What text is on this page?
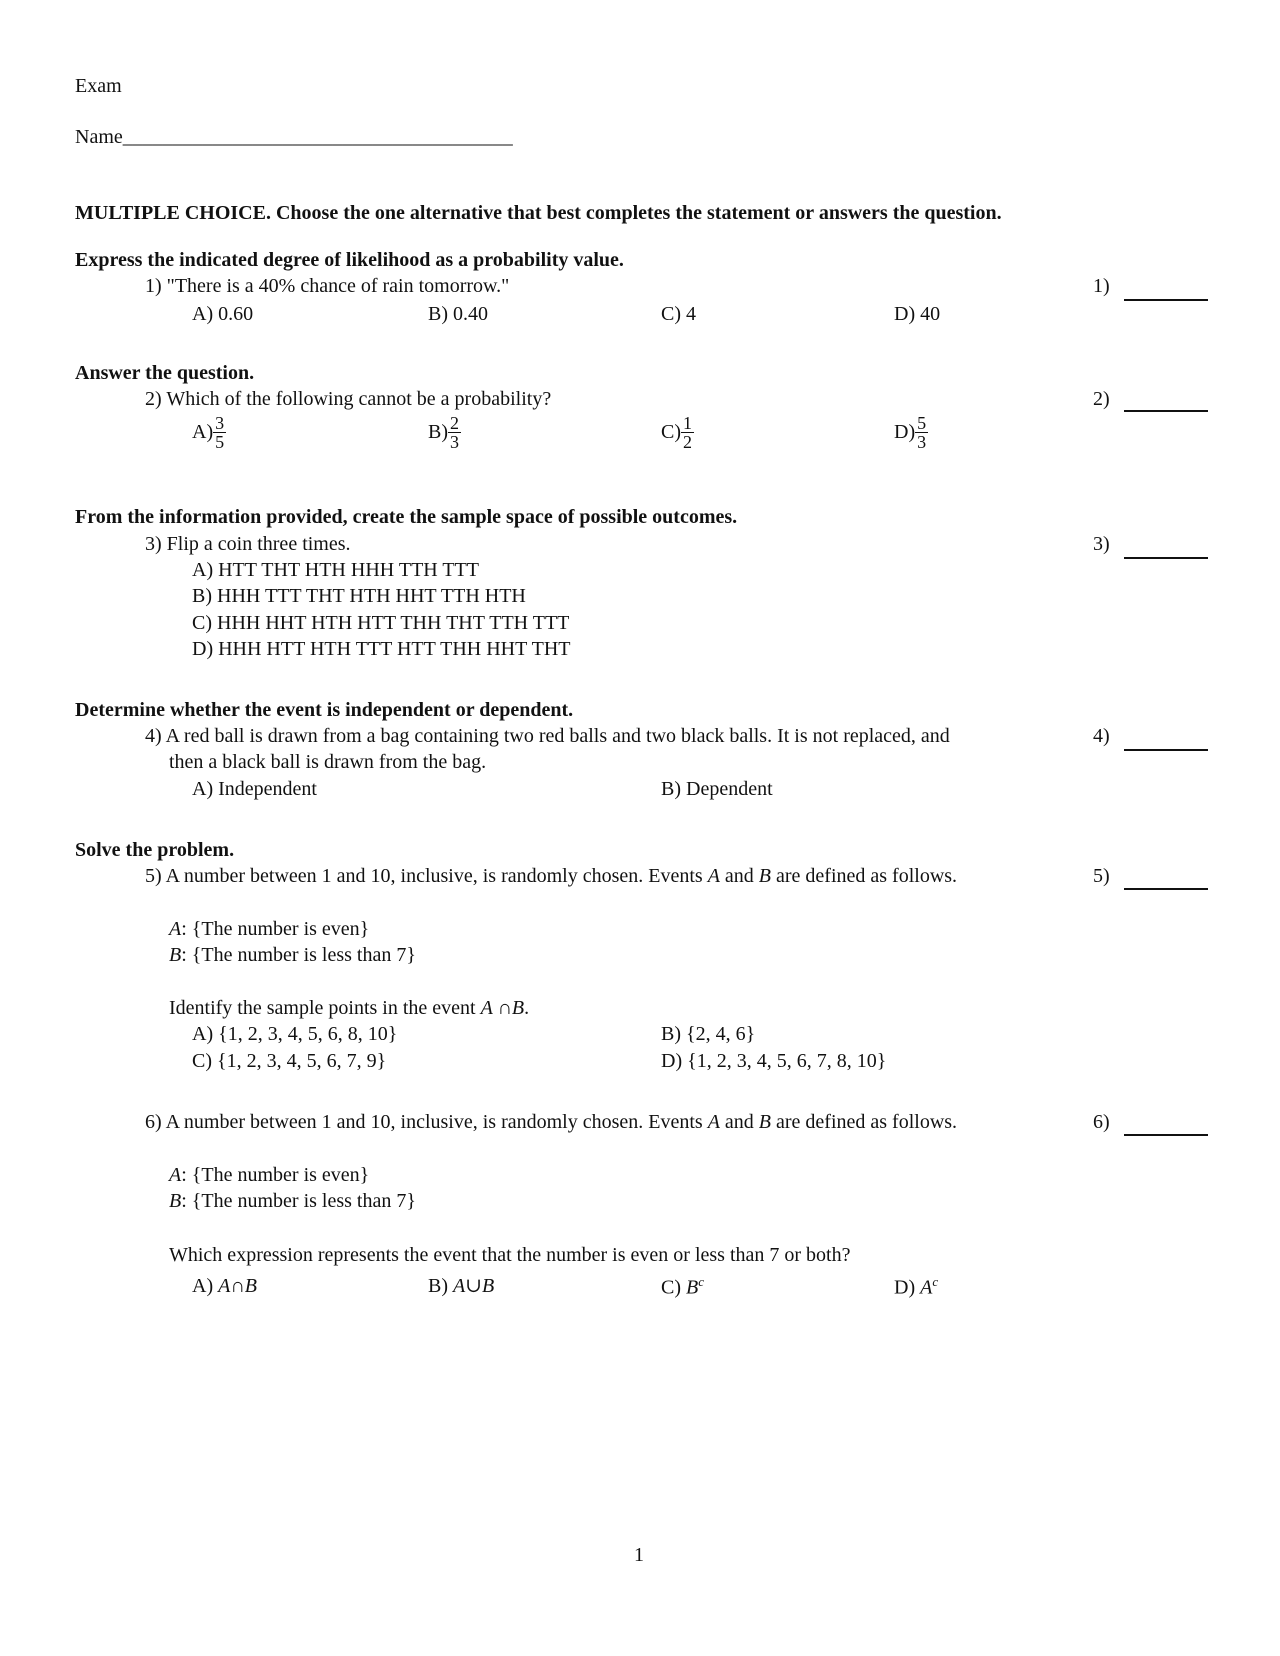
Exam
Name_______________________________________
MULTIPLE CHOICE. Choose the one alternative that best completes the statement or answers the question.
Express the indicated degree of likelihood as a probability value.
1) "There is a 40% chance of rain tomorrow."
A) 0.60	B) 0.40	C) 4	D) 40
1)
Answer the question.
2) Which of the following cannot be a probability?
$A) \frac{3}{5}$	$B) \frac{2}{3}$	$C) \frac{1}{2}$	$D) \frac{5}{3}$
2)
From the information provided, create the sample space of possible outcomes.
3) Flip a coin three times.
A) HTT THT HTH HHH TTH TTT
B) HHH TTT THT HTH HHT TTH HTH
C) HHH HHT HTH HTT THH THT TTH TTT
D) HHH HTT HTH TTT HTT THH HHT THT
3)
Determine whether the event is independent or dependent.
4) A red ball is drawn from a bag containing two red balls and two black balls. It is not replaced, and
then a black ball is drawn from the bag.
A) Independent	B) Dependent
4)
Solve the problem.
5) A number between 1 and 10, inclusive, is randomly chosen. Events A and B are defined as follows.
A: {The number is even}
B: {The number is less than 7}
Identify the sample points in the event A ∩B.
A) {1, 2, 3, 4, 5, 6, 8, 10}	B) {2, 4, 6}
C) {1, 2, 3, 4, 5, 6, 7, 9}	D) {1, 2, 3, 4, 5, 6, 7, 8, 10}
5)
6) A number between 1 and 10, inclusive, is randomly chosen. Events A and B are defined as follows.
A: {The number is even}
B: {The number is less than 7}
Which expression represents the event that the number is even or less than 7 or both?
A) A∩B	B) A∪B	C) $B^c$	D) $A^c$
6)
1
